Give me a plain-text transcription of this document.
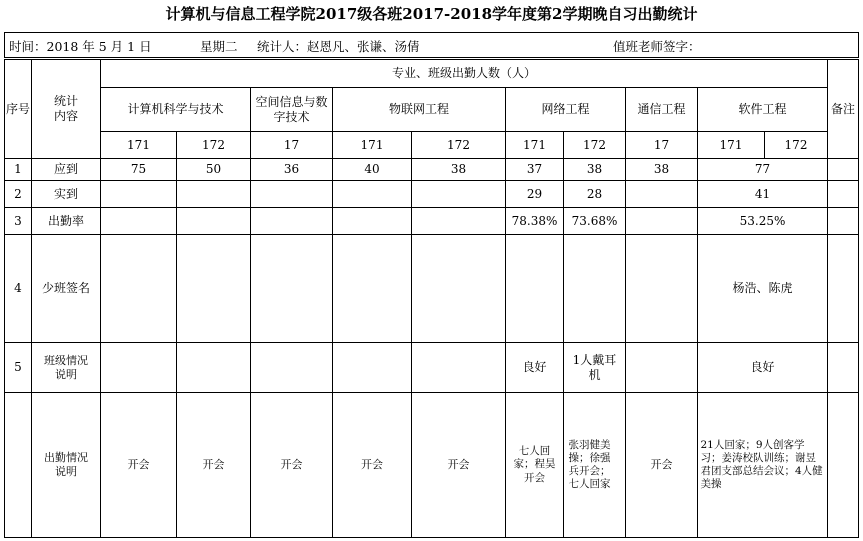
计算机与信息工程学院2017级各班2017-2018学年度第2学期晚自习出勤统计
时间：2018 年 5 月 1 日	星期二 统计人：赵恩凡、张谦、汤倩	值班老师签字：
序号	统计内容	专业、班级出勤人数（人）										备注
		计算机科学与技术		空间信息与数字技术	物联网工程		网络工程		通信工程	软件工程		
		171	172	17	171	172	171	172	17	171	172	
1	应到	75	50	36	40	38	37	38	38	77		
2	实到						29	28		41		
3	出勤率						78.38%	73.68%		53.25%		
4	少班签名									杨浩、陈虎		
5	班级情况说明						良好	1人戴耳机		良好		
	出勤情况说明	开会	开会	开会	开会	开会	七人回家；程昊开会	张羽健美操；徐强兵开会；七人回家	开会	21人回家；9人创客学习；姜涛校队训练；谢昱君团支部总结会议；4人健美操		
